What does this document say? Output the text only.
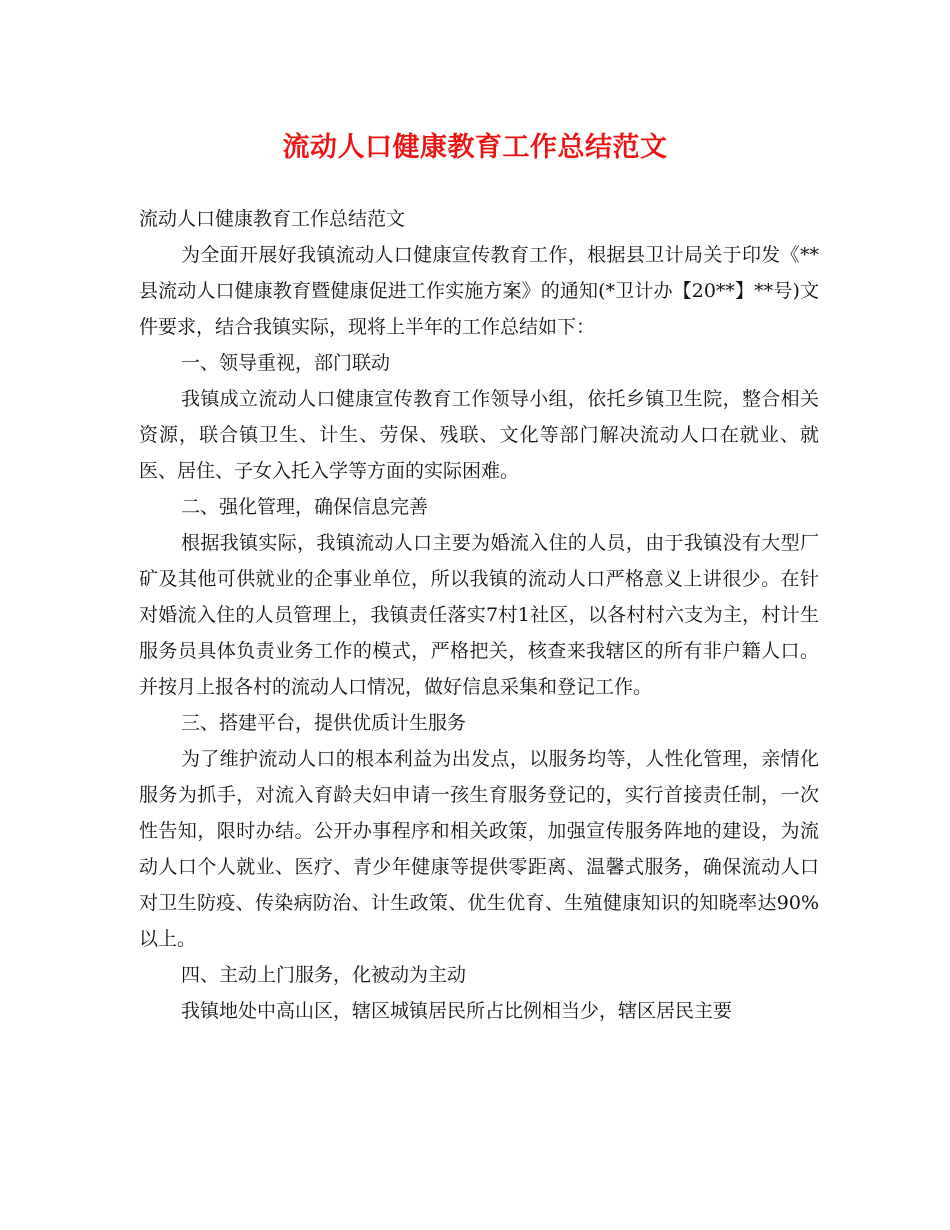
流动人口健康教育工作总结范文

流动人口健康教育工作总结范文

为全面开展好我镇流动人口健康宣传教育工作，根据县卫计局关于印发《**县流动人口健康教育暨健康促进工作实施方案》的通知(*卫计办【20**】**号)文件要求，结合我镇实际，现将上半年的工作总结如下：

一、领导重视，部门联动

我镇成立流动人口健康宣传教育工作领导小组，依托乡镇卫生院，整合相关资源，联合镇卫生、计生、劳保、残联、文化等部门解决流动人口在就业、就医、居住、子女入托入学等方面的实际困难。

二、强化管理，确保信息完善

根据我镇实际，我镇流动人口主要为婚流入住的人员，由于我镇没有大型厂矿及其他可供就业的企事业单位，所以我镇的流动人口严格意义上讲很少。在针对婚流入住的人员管理上，我镇责任落实7村1社区，以各村村六支为主，村计生服务员具体负责业务工作的模式，严格把关，核查来我辖区的所有非户籍人口。并按月上报各村的流动人口情况，做好信息采集和登记工作。

三、搭建平台，提供优质计生服务

为了维护流动人口的根本利益为出发点，以服务均等，人性化管理，亲情化服务为抓手，对流入育龄夫妇申请一孩生育服务登记的，实行首接责任制，一次性告知，限时办结。公开办事程序和相关政策，加强宣传服务阵地的建设，为流动人口个人就业、医疗、青少年健康等提供零距离、温馨式服务，确保流动人口对卫生防疫、传染病防治、计生政策、优生优育、生殖健康知识的知晓率达90%以上。

四、主动上门服务，化被动为主动

我镇地处中高山区，辖区城镇居民所占比例相当少，辖区居民主要
